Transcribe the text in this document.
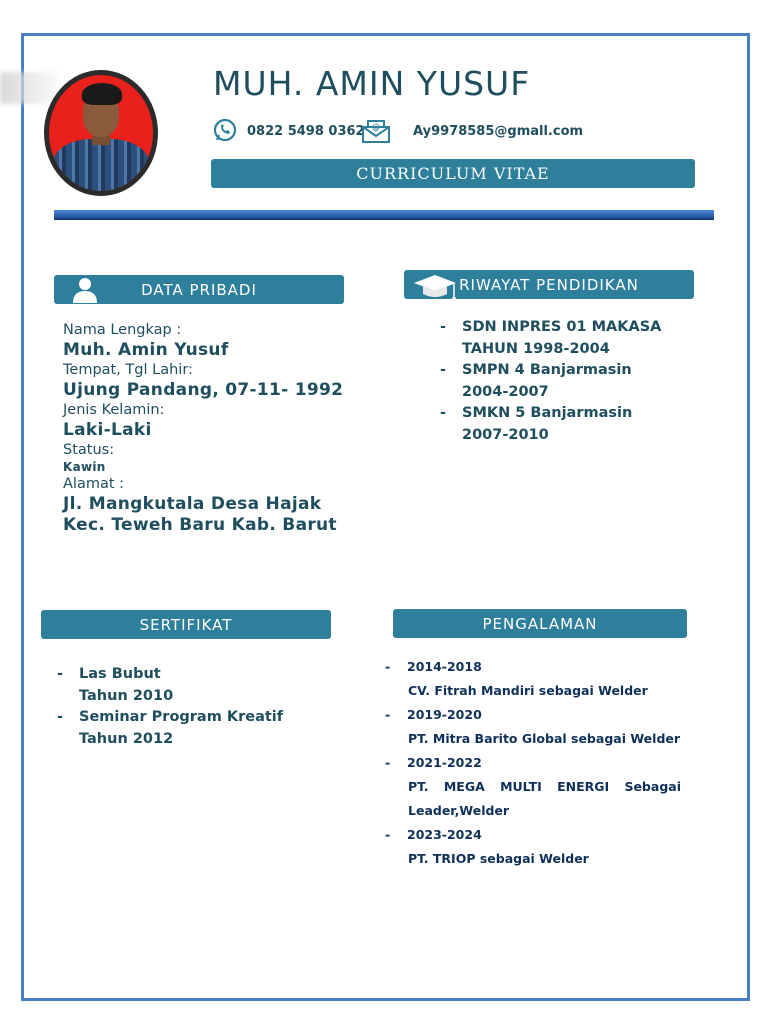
MUH. AMIN YUSUF
0822 5498 0362 @	Ay9978585@gmall.com
CURRICULUM VITAE
DATA PRIBADI
Nama Lengkap :
Muh. Amin Yusuf
Tempat, Tgl Lahir:
Ujung Pandang, 07-11- 1992
Jenis Kelamin:
Laki-Laki
Status:
Kawin
Alamat :
Jl. Mangkutala Desa Hajak
Kec. Teweh Baru Kab. Barut
RIWAYAT PENDIDIKAN
- SDN INPRES 01 MAKASA
TAHUN 1998-2004
- SMPN 4 Banjarmasin
2004-2007
- SMKN 5 Banjarmasin
2007-2010
SERTIFIKAT
- Las Bubut
Tahun 2010
- Seminar Program Kreatif
Tahun 2012
PENGALAMAN
- 2014-2018
CV. Fitrah Mandiri sebagai Welder
- 2019-2020
PT. Mitra Barito Global sebagai Welder
- 2021-2022
PT. MEGA MULTI ENERGI Sebagai
Leader,Welder
- 2023-2024
PT. TRIOP sebagai Welder
